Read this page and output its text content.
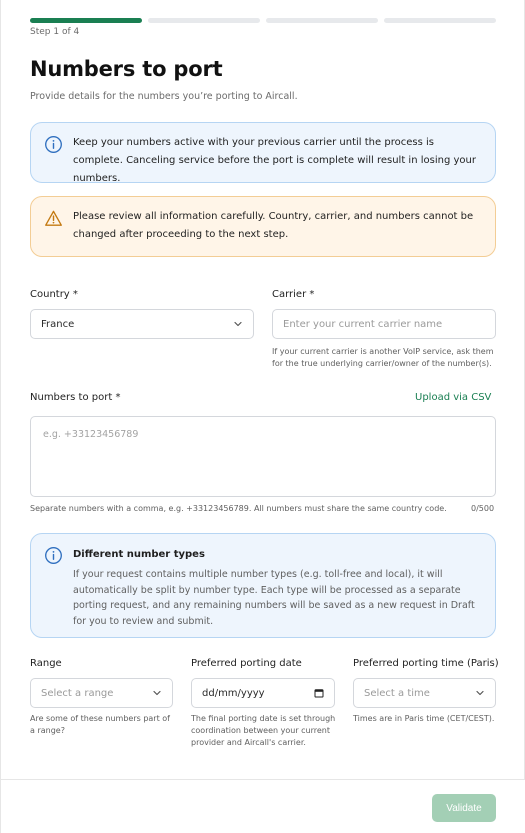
Step 1 of 4
Numbers to port
Provide details for the numbers you’re porting to Aircall.
Keep your numbers active with your previous carrier until the process is complete. Canceling service before the port is complete will result in losing your numbers.
Please review all information carefully. Country, carrier, and numbers cannot be changed after proceeding to the next step.
Country *
France
Carrier *
Enter your current carrier name
If your current carrier is another VoIP service, ask them for the true underlying carrier/owner of the number(s).
Numbers to port *	Upload via CSV
e.g. +33123456789
Separate numbers with a comma, e.g. +33123456789. All numbers must share the same country code.	0/500
Different number types
If your request contains multiple number types (e.g. toll-free and local), it will automatically be split by number type. Each type will be processed as a separate porting request, and any remaining numbers will be saved as a new request in Draft for you to review and submit.
Range
Select a range
Are some of these numbers part of a range?
Preferred porting date
dd/mm/yyyy
The final porting date is set through coordination between your current provider and Aircall's carrier.
Preferred porting time (Paris)
Select a time
Times are in Paris time (CET/CEST).
Validate
